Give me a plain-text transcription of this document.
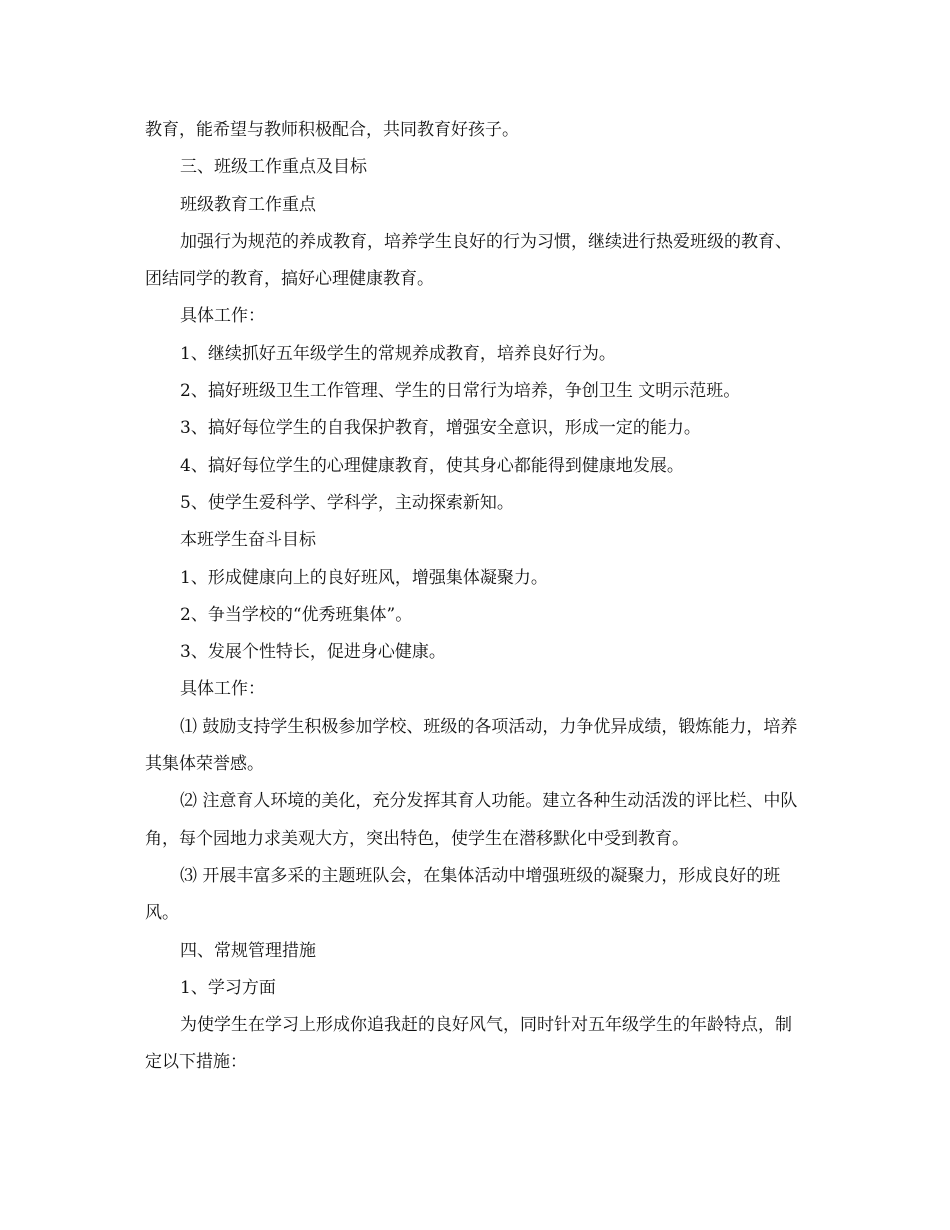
教育，能希望与教师积极配合，共同教育好孩子。

三、班级工作重点及目标

班级教育工作重点

加强行为规范的养成教育，培养学生良好的行为习惯，继续进行热爱班级的教育、团结同学的教育，搞好心理健康教育。

具体工作：

1、继续抓好五年级学生的常规养成教育，培养良好行为。

2、搞好班级卫生工作管理、学生的日常行为培养，争创卫生 文明示范班。

3、搞好每位学生的自我保护教育，增强安全意识，形成一定的能力。

4、搞好每位学生的心理健康教育，使其身心都能得到健康地发展。

5、使学生爱科学、学科学，主动探索新知。

本班学生奋斗目标

1、形成健康向上的良好班风，增强集体凝聚力。

2、争当学校的“优秀班集体”。

3、发展个性特长，促进身心健康。

具体工作：

⑴ 鼓励支持学生积极参加学校、班级的各项活动，力争优异成绩，锻炼能力，培养其集体荣誉感。

⑵ 注意育人环境的美化，充分发挥其育人功能。建立各种生动活泼的评比栏、中队角，每个园地力求美观大方，突出特色，使学生在潜移默化中受到教育。

⑶ 开展丰富多采的主题班队会，在集体活动中增强班级的凝聚力，形成良好的班风。

四、常规管理措施

1、学习方面

为使学生在学习上形成你追我赶的良好风气，同时针对五年级学生的年龄特点，制定以下措施：
